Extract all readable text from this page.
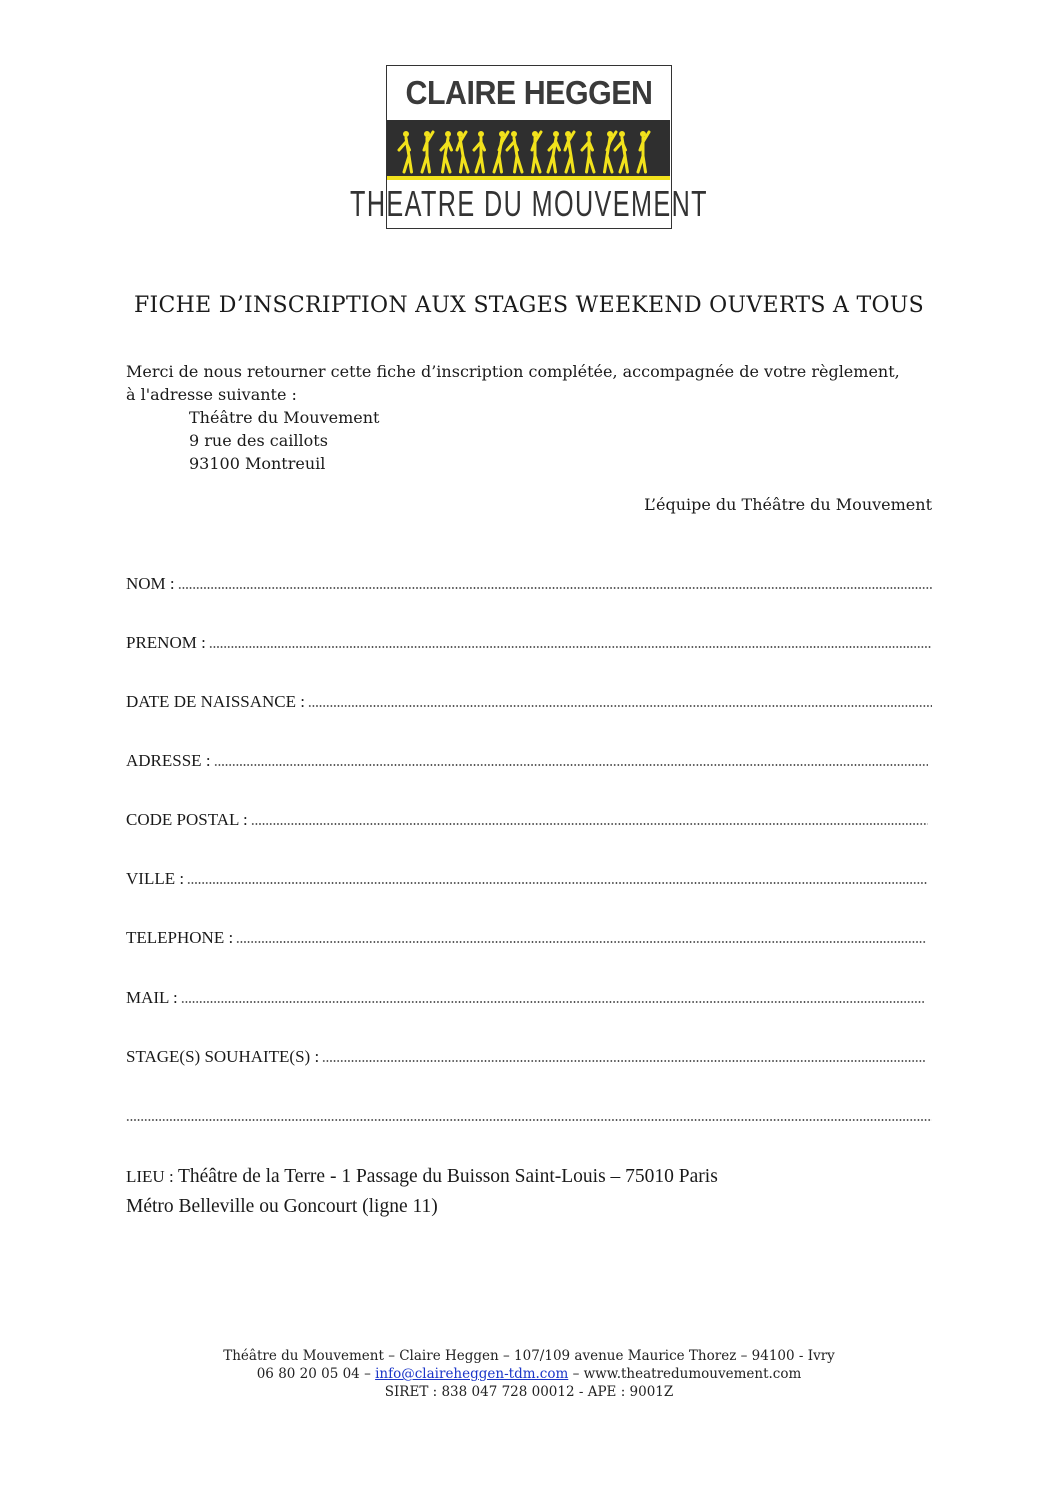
CLAIRE HEGGEN
THEATRE DU MOUVEMENT
FICHE D’INSCRIPTION AUX STAGES WEEKEND OUVERTS A TOUS
Merci de nous retourner cette fiche d’inscription complétée, accompagnée de votre règlement,
à l'adresse suivante :
Théâtre du Mouvement
9 rue des caillots
93100 Montreuil
L’équipe du Théâtre du Mouvement
NOM :
PRENOM :
DATE DE NAISSANCE :
ADRESSE :
CODE POSTAL :
VILLE :
TELEPHONE :
MAIL :
STAGE(S) SOUHAITE(S) :
LIEU : Théâtre de la Terre - 1 Passage du Buisson Saint-Louis – 75010 Paris
Métro Belleville ou Goncourt (ligne 11)
Théâtre du Mouvement – Claire Heggen – 107/109 avenue Maurice Thorez – 94100 - Ivry
06 80 20 05 04 – info@claireheggen-tdm.com – www.theatredumouvement.com
SIRET : 838 047 728 00012 - APE : 9001Z
